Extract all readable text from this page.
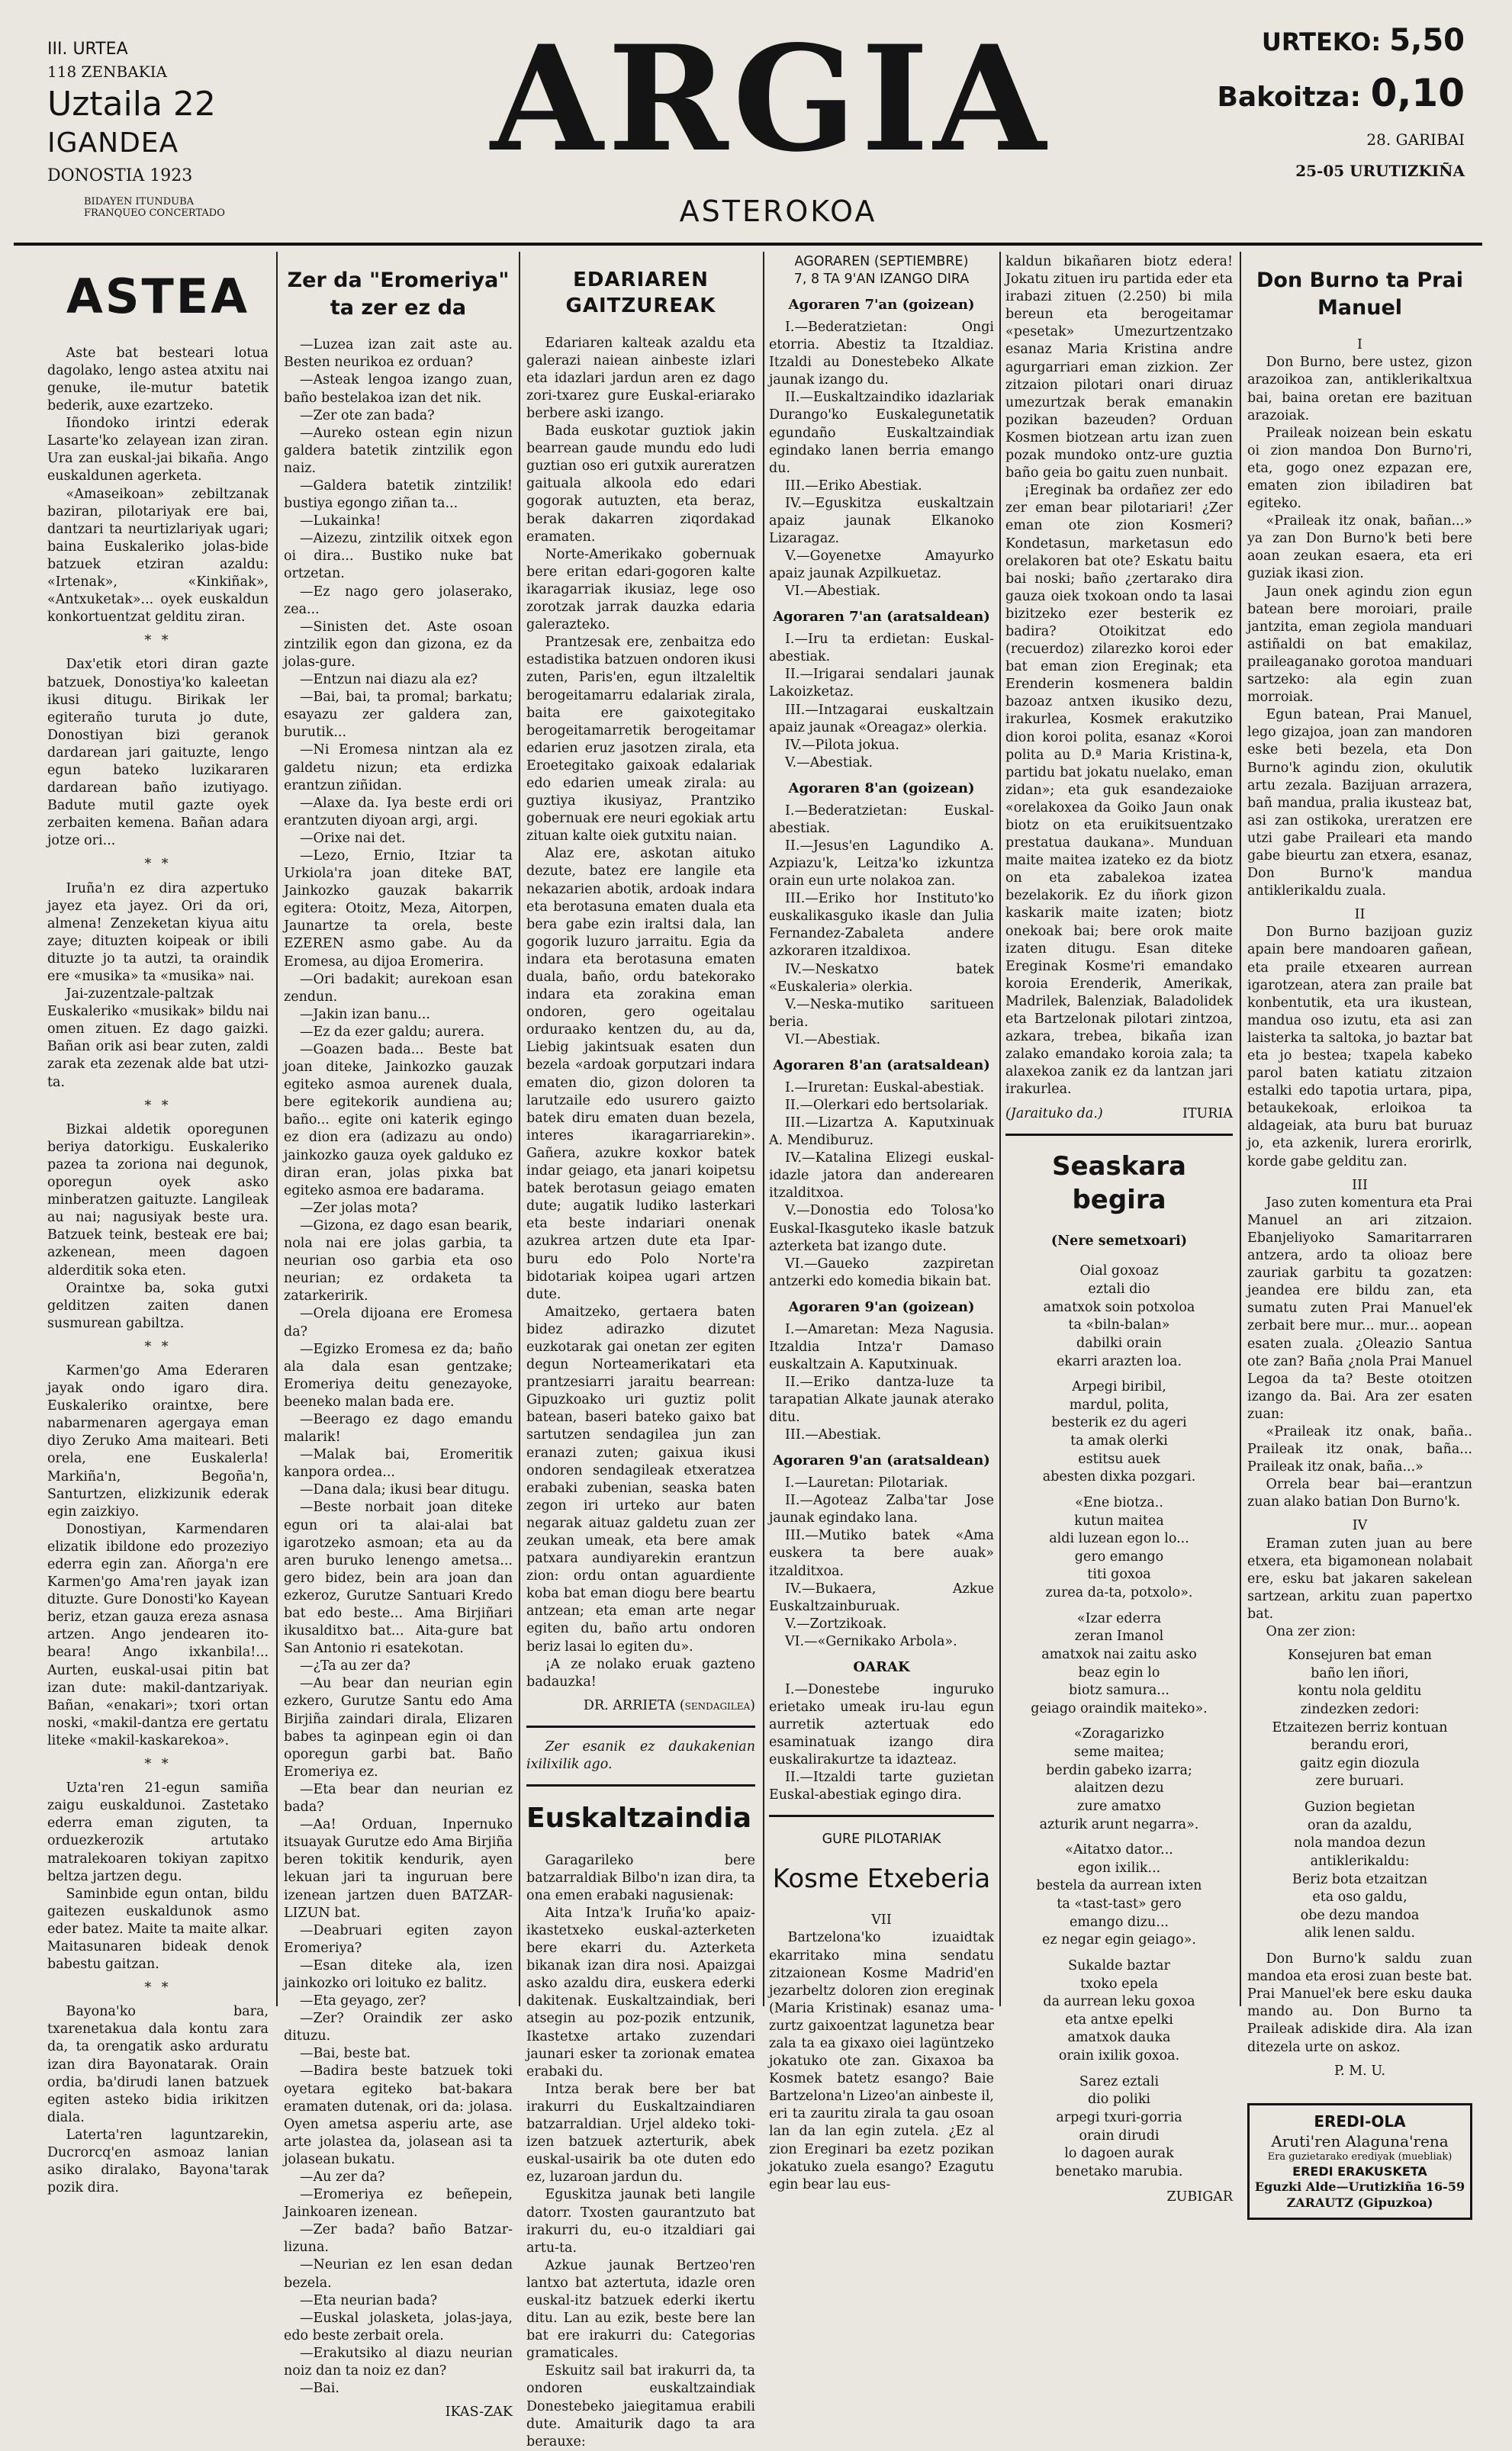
III. URTEA
118 ZENBAKIA
Uztaila 22
IGANDEA
DONOSTIA 1923
BIDAYEN ITUNDUBA
FRANQUEO CONCERTADO
ARGIA
ASTEROKOA
URTEKO: 5,50
Bakoitza: 0,10
28. GARIBAI
25-05 URUTIZKIÑA
ASTEA

Aste bat besteari lotua dagolako, lengo astea atxitu nai genuke, ile-mutur batetik bederik, auxe ezartzeko.

Iñondoko irintzi ederak Lasarte'ko zelayean izan ziran. Ura zan euskal-jai bikaña. Ango euskaldunen agerketa.

«Amaseikoan» zebiltzanak baziran, pilotariyak ere bai, dantzari ta neurtizlariyak ugari; baina Euskaleriko jolas-bide batzuek etziran azaldu: «Irtenak», «Kinkiñak», «Antxuketak»... oyek euskaldun konkortuentzat gelditu ziran.

* *

Dax'etik etori diran gazte batzuek, Donostiya'ko kaleetan ikusi ditugu. Birikak ler egiteraño turuta jo dute, Donostiyan bizi geranok dardarean jari gaituzte, lengo egun bateko luzikararen dardarean baño izutiyago. Badute mutil gazte oyek zerbaiten kemena. Bañan adara jotze ori...

* *

Iruña'n ez dira azpertuko jayez eta jayez. Ori da ori, almena! Zenzeketan kiyua aitu zaye; dituzten koipeak or ibili dituzte jo ta autzi, ta oraindik ere «musika» ta «musika» nai.

Jai-zuzentzale-paltzak Euskaleriko «musikak» bildu nai omen zituen. Ez dago gaizki. Bañan orik asi bear zuten, zaldi zarak eta zezenak alde bat utzi-ta.

* *

Bizkai aldetik oporegunen beriya datorkigu. Euskaleriko pazea ta zoriona nai degunok, oporegun oyek asko minberatzen gaituzte. Langileak au nai; nagusiyak beste ura. Batzuek teink, besteak ere bai; azkenean, meen dagoen alderditik soka eten.

Oraintxe ba, soka gutxi gelditzen zaiten danen susmurean gabiltza.

* *

Karmen'go Ama Ederaren jayak ondo igaro dira. Euskaleriko oraintxe, bere nabarmenaren agergaya eman diyo Zeruko Ama maiteari. Beti orela, ene Euskalerla! Markiña'n, Begoña'n, Santurtzen, elizkizunik ederak egin zaizkiyo.

Donostiyan, Karmendaren elizatik ibildone edo prozeziyo ederra egin zan. Añorga'n ere Karmen'go Ama'ren jayak izan dituzte. Gure Donosti'ko Kayean beriz, etzan gauza ereza asnasa artzen. Ango jendearen ito-beara! Ango ixkanbila!... Aurten, euskal-usai pitin bat izan dute: makil-dantzariyak. Bañan, «enakari»; txori ortan noski, «makil-dantza ere gertatu liteke «makil-kaskarekoa».

* *

Uzta'ren 21-egun samiña zaigu euskaldunoi. Zastetako ederra eman ziguten, ta orduezkerozik artutako matralekoaren tokiyan zapitxo beltza jartzen degu.

Saminbide egun ontan, bildu gaitezen euskaldunok asmo eder batez. Maite ta maite alkar. Maitasunaren bideak denok babestu gaitzan.

* *

Bayona'ko bara, txarenetakua dala kontu zara da, ta orengatik asko arduratu izan dira Bayonatarak. Orain ordia, ba'dirudi lanen batzuek egiten asteko bidia irikitzen diala.

Laterta'ren laguntzarekin, Ducrorcq'en asmoaz lanian asiko diralako, Bayona'tarak pozik dira.

Zer da "Eromeriya" ta zer ez da
—Luzea izan zait aste au. Besten neurikoa ez orduan?
—Asteak lengoa izango zuan, baño bestelakoa izan det nik.
—Zer ote zan bada?
—Aureko ostean egin nizun galdera batetik zintzilik egon naiz.
—Galdera batetik zintzilik! bustiya egongo ziñan ta...
—Lukainka!
—Aizezu, zintzilik oitxek egon oi dira... Bustiko nuke bat ortzetan.
—Ez nago gero jolaserako, zea...
—Sinisten det. Aste osoan zintzilik egon dan gizona, ez da jolas-gure.
—Entzun nai diazu ala ez?
—Bai, bai, ta promal; barkatu; esayazu zer galdera zan, burutik...
—Ni Eromesa nintzan ala ez galdetu nizun; eta erdizka erantzun ziñidan.
—Alaxe da. Iya beste erdi ori erantzuten diyoan argi, argi.
—Orixe nai det.
—Lezo, Ernio, Itziar ta Urkiola'ra joan diteke BAT, Jainkozko gauzak bakarrik egitera: Otoitz, Meza, Aitorpen, Jaunartze ta orela, beste EZEREN asmo gabe. Au da Eromesa, au dijoa Eromerira.
—Ori badakit; aurekoan esan zendun.
—Jakin izan banu...
—Ez da ezer galdu; aurera.
—Goazen bada... Beste bat joan diteke, Jainkozko gauzak egiteko asmoa aurenek duala, bere egitekorik aundiena au; baño... egite oni katerik egingo ez dion era (adizazu au ondo) jainkozko gauza oyek galduko ez diran eran, jolas pixka bat egiteko asmoa ere badarama.
—Zer jolas mota?
—Gizona, ez dago esan bearik, nola nai ere jolas garbia, ta neurian oso garbia eta oso neurian; ez ordaketa ta zatarkeririk.
—Orela dijoana ere Eromesa da?
—Egizko Eromesa ez da; baño ala dala esan gentzake; Eromeriya deitu genezayoke, beeneko malan bada ere.
—Beerago ez dago emandu malarik!
—Malak bai, Eromeritik kanpora ordea...
—Dana dala; ikusi bear ditugu.
—Beste norbait joan diteke egun ori ta alai-alai bat igarotzeko asmoan; eta au da aren buruko lenengo ametsa... gero bidez, bein ara joan dan ezkeroz, Gurutze Santuari Kredo bat edo beste... Ama Birjiñari ikusalditxo bat... Aita-gure bat San Antonio ri esatekotan.
—¿Ta au zer da?
—Au bear dan neurian egin ezkero, Gurutze Santu edo Ama Birjiña zaindari dirala, Elizaren babes ta aginpean egin oi dan oporegun garbi bat. Baño Eromeriya ez.
—Eta bear dan neurian ez bada?
—Aa! Orduan, Inpernuko itsuayak Gurutze edo Ama Birjiña beren tokitik kendurik, ayen lekuan jari ta inguruan bere izenean jartzen duen BATZAR-LIZUN bat.
—Deabruari egiten zayon Eromeriya?
—Esan diteke ala, izen jainkozko ori loituko ez balitz.
—Eta geyago, zer?
—Zer? Oraindik zer asko dituzu.
—Bai, beste bat.
—Badira beste batzuek toki oyetara egiteko bat-bakara eramaten dutenak, ori da: jolasa. Oyen ametsa asperiu arte, ase arte jolastea da, jolasean asi ta jolasean bukatu.
—Au zer da?
—Eromeriya ez beñepein, Jainkoaren izenean.
—Zer bada? baño Batzar-lizuna.
—Neurian ez len esan dedan bezela.
—Eta neurian bada?
—Euskal jolasketa, jolas-jaya, edo beste zerbait orela.
—Erakutsiko al diazu neurian noiz dan ta noiz ez dan?
—Bai.
IKAS-ZAK
EDARIAREN GAITZUREAK

Edariaren kalteak azaldu eta galerazi naiean ainbeste izlari eta idazlari jardun aren ez dago zori-txarez gure Euskal-eriarako berbere aski izango.

Bada euskotar guztiok jakin bearrean gaude mundu edo ludi guztian oso eri gutxik aureratzen gaituala alkoola edo edari gogorak autuzten, eta beraz, berak dakarren ziqordakad eramaten.

Norte-Amerikako gobernuak bere eritan edari-gogoren kalte ikaragarriak ikusiaz, lege oso zorotzak jarrak dauzka edaria galerazteko.

Prantzesak ere, zenbaitza edo estadistika batzuen ondoren ikusi zuten, Paris'en, egun iltzaleltik berogeitamarru edalariak zirala, baita ere gaixotegitako berogeitamarretik berogeitamar edarien eruz jasotzen zirala, eta Eroetegitako gaixoak edalariak edo edarien umeak zirala: au guztiya ikusiyaz, Prantziko gobernuak ere neuri egokiak artu zituan kalte oiek gutxitu naian.

Alaz ere, askotan aituko dezute, batez ere langile eta nekazarien abotik, ardoak indara eta berotasuna ematen duala eta bera gabe ezin iraltsi dala, lan gogorik luzuro jarraitu. Egia da indara eta berotasuna ematen duala, baño, ordu batekorako indara eta zorakina eman ondoren, gero ogeitalau orduraako kentzen du, au da, Liebig jakintsuak esaten dun bezela «ardoak gorputzari indara ematen dio, gizon doloren ta larutzaile edo usurero gaizto batek diru ematen duan bezela, interes ikaragarriarekin». Gañera, azukre koxkor batek indar geiago, eta janari koipetsu batek berotasun geiago ematen dute; augatik ludiko lasterkari eta beste indariari onenak azukrea artzen dute eta Ipar-buru edo Polo Norte'ra bidotariak koipea ugari artzen dute.

Amaitzeko, gertaera baten bidez adirazko dizutet euzkotarak gai onetan zer egiten degun Norteamerikatari eta prantzesiarri jaraitu bearrean: Gipuzkoako uri guztiz polit batean, baseri bateko gaixo bat sartutzen sendagilea jun zan eranazi zuten; gaixua ikusi ondoren sendagileak etxeratzea erabaki zubenian, seaska baten zegon iri urteko aur baten negarak aituaz galdetu zuan zer zeukan umeak, eta bere amak patxara aundiyarekin erantzun zion: ordu ontan aguardiente koba bat eman diogu bere beartu antzean; eta eman arte negar egiten du, baño artu ondoren beriz lasai lo egiten du».

¡A ze nolako eruak gazteno badauzka!

DR. ARRIETA (sendagilea)

Zer esanik ez daukakenian ixilixilik ago.

Euskaltzaindia

Garagarileko bere batzarraldiak Bilbo'n izan dira, ta ona emen erabaki nagusienak:

Aita Intza'k Iruña'ko apaiz-ikastetxeko euskal-azterketen bere ekarri du. Azterketa bikanak izan dira nosi. Apaizgai asko azaldu dira, euskera ederki dakitenak. Euskaltzaindiak, beri atsegin au poz-pozik entzunik, Ikastetxe artako zuzendari jaunari esker ta zorionak ematea erabaki du.

Intza berak bere ber bat irakurri du Euskaltzaindiaren batzarraldian. Urjel aldeko toki-izen batzuek azterturik, abek euskal-usairik ba ote duten edo ez, luzaroan jardun du.

Eguskitza jaunak beti langile datorr. Txosten gaurantzuto bat irakurri du, eu-o itzaldiari gai artu-ta.

Azkue jaunak Bertzeo'ren lantxo bat aztertuta, idazle oren euskal-itz batzuek ederki ikertu ditu. Lan au ezik, beste bere lan bat ere irakurri du: Categorias gramaticales.

Eskuitz sail bat irakurri da, ta ondoren euskaltzaindiak Donestebeko jaiegitamua erabili dute. Amaiturik dago ta ara berauxe:

AGORAREN (SEPTIEMBRE)
7, 8 TA 9'AN IZANGO DIRA
Agoraren 7'an (goizean)
I.—Bederatzietan: Ongi etorria. Abestiz ta Itzaldiaz. Itzaldi au Donestebeko Alkate jaunak izango du.
II.—Euskaltzaindiko idazlariak Durango'ko Euskalegunetatik egundaño Euskaltzaindiak egindako lanen berria emango du.
III.—Eriko Abestiak.
IV.—Eguskitza euskaltzain apaiz jaunak Elkanoko Lizaragaz.
V.—Goyenetxe Amayurko apaiz jaunak Azpilkuetaz.
VI.—Abestiak.
Agoraren 7'an (aratsaldean)
I.—Iru ta erdietan: Euskal-abestiak.
II.—Irigarai sendalari jaunak Lakoizketaz.
III.—Intzagarai euskaltzain apaiz jaunak «Oreagaz» olerkia.
IV.—Pilota jokua.
V.—Abestiak.
Agoraren 8'an (goizean)
I.—Bederatzietan: Euskal-abestiak.
II.—Jesus'en Lagundiko A. Azpiazu'k, Leitza'ko izkuntza orain eun urte nolakoa zan.
III.—Eriko hor Instituto'ko euskalikasguko ikasle dan Julia Fernandez-Zabaleta andere azkoraren itzaldixoa.
IV.—Neskatxo batek «Euskaleria» olerkia.
V.—Neska-mutiko saritueen beria.
VI.—Abestiak.
Agoraren 8'an (aratsaldean)
I.—Iruretan: Euskal-abestiak.
II.—Olerkari edo bertsolariak.
III.—Lizartza A. Kaputxinuak A. Mendiburuz.
IV.—Katalina Elizegi euskal-idazle jatora dan anderearen itzalditxoa.
V.—Donostia edo Tolosa'ko Euskal-Ikasguteko ikasle batzuk azterketa bat izango dute.
VI.—Gaueko zazpiretan antzerki edo komedia bikain bat.
Agoraren 9'an (goizean)
I.—Amaretan: Meza Nagusia. Itzaldia Intza'r Damaso euskaltzain A. Kaputxinuak.
II.—Eriko dantza-luze ta tarapatian Alkate jaunak aterako ditu.
III.—Abestiak.
Agoraren 9'an (aratsaldean)
I.—Lauretan: Pilotariak.
II.—Agoteaz Zalba'tar Jose jaunak egindako lana.
III.—Mutiko batek «Ama euskera ta bere auak» itzalditxoa.
IV.—Bukaera, Azkue Euskaltzainburuak.
V.—Zortzikoak.
VI.—«Gernikako Arbola».
OARAK
I.—Donestebe inguruko erietako umeak iru-lau egun aurretik aztertuak edo esaminatuak izango dira euskalirakurtze ta idazteaz.
II.—Itzaldi tarte guzietan Euskal-abestiak egingo dira.
GURE PILOTARIAK
Kosme Etxeberia
VII

Bartzelona'ko izuaidtak ekarritako mina sendatu zitzaionean Kosme Madrid'en jezarbeltz doloren zion ereginak (Maria Kristinak) esanaz uma-zurtz gaixoentzat lagunetza bear zala ta ea gixaxo oiei lagüntzeko jokatuko ote zan. Gixaxoa ba Kosmek batetz esango? Baie Bartzelona'n Lizeo'an ainbeste il, eri ta zauritu zirala ta gau osoan lan da lan egin zutela. ¿Ez al zion Ereginari ba ezetz pozikan jokatuko zuela esango? Ezagutu egin bear lau eus-

kaldun bikañaren biotz edera! Jokatu zituen iru partida eder eta irabazi zituen (2.250) bi mila bereun eta berogeitamar «pesetak» Umezurtzentzako esanaz Maria Kristina andre agurgarriari eman zizkion. Zer zitzaion pilotari onari diruaz umezurtzak berak emanakin pozikan bazeuden? Orduan Kosmen biotzean artu izan zuen pozak mundoko ontz-ure guztia baño geia bo gaitu zuen nunbait.

¡Ereginak ba ordañez zer edo zer eman bear pilotariari! ¿Zer eman ote zion Kosmeri? Kondetasun, marketasun edo orelakoren bat ote? Eskatu baitu bai noski; baño ¿zertarako dira gauza oiek txokoan ondo ta lasai bizitzeko ezer besterik ez badira? Otoikitzat edo (recuerdoz) zilarezko koroi eder bat eman zion Ereginak; eta Erenderin kosmenera baldin bazoaz antxen ikusiko dezu, irakurlea, Kosmek erakutziko dion koroi polita, esanaz «Koroi polita au D.ª Maria Kristina-k, partidu bat jokatu nuelako, eman zidan»; eta guk esandezaioke «orelakoxea da Goiko Jaun onak biotz on eta eruikitsuentzako prestatua daukana». Munduan maite maitea izateko ez da biotz on eta zabalekoa izatea bezelakorik. Ez du iñork gizon kaskarik maite izaten; biotz onekoak bai; bere orok maite izaten ditugu. Esan diteke Ereginak Kosme'ri emandako koroia Erenderik, Amerikak, Madrilek, Balenziak, Baladolidek eta Bartzelonak pilotari zintzoa, azkara, trebea, bikaña izan zalako emandako koroia zala; ta alaxekoa zanik ez da lantzan jari irakurlea.

(Jaraituko da.)	ITURIA
Seaskara begira
(Nere semetxoari)
Oial goxoaz
eztali dio
amatxok soin potxoloa
ta «biln-balan»
dabilki orain
ekarri arazten loa.
Arpegi biribil,
mardul, polita,
besterik ez du ageri
ta amak olerki
estitsu auek
abesten dixka pozgari.
«Ene biotza..
kutun maitea
aldi luzean egon lo...
gero emango
titi goxoa
zurea da-ta, potxolo».
«Izar ederra
zeran Imanol
amatxok nai zaitu asko
beaz egin lo
biotz samura...
geiago oraindik maiteko».
«Zoragarizko
seme maitea;
berdin gabeko izarra;
alaitzen dezu
zure amatxo
azturik arunt negarra».
«Aitatxo dator...
egon ixilik...
bestela da aurrean ixten
ta «tast-tast» gero
emango dizu...
ez negar egin geiago».
Sukalde baztar
txoko epela
da aurrean leku goxoa
eta antxe epelki
amatxok dauka
orain ixilik goxoa.
Sarez eztali
dio poliki
arpegi txuri-gorria
orain dirudi
lo dagoen aurak
benetako marubia.
ZUBIGAR
Don Burno ta Prai Manuel
I

Don Burno, bere ustez, gizon arazoikoa zan, antiklerikaltxua bai, baina oretan ere bazituan arazoiak.

Praileak noizean bein eskatu oi zion mandoa Don Burno'ri, eta, gogo onez ezpazan ere, ematen zion ibiladiren bat egiteko.

«Praileak itz onak, bañan...» ya zan Don Burno'k beti bere aoan zeukan esaera, eta eri guziak ikasi zion.

Jaun onek agindu zion egun batean bere moroiari, praile jantzita, eman zegiola manduari astiñaldi on bat emakilaz, praileaganako gorotoa manduari sartzeko: ala egin zuan morroiak.

Egun batean, Prai Manuel, lego gizajoa, joan zan mandoren eske beti bezela, eta Don Burno'k agindu zion, okulutik artu zezala. Bazijuan arrazera, bañ mandua, pralia ikusteaz bat, asi zan ostikoka, ureratzen ere utzi gabe Praileari eta mando gabe bieurtu zan etxera, esanaz, Don Burno'k mandua antiklerikaldu zuala.

II

Don Burno bazijoan guziz apain bere mandoaren gañean, eta praile etxearen aurrean igarotzean, atera zan praile bat konbentutik, eta ura ikustean, mandua oso izutu, eta asi zan laisterka ta saltoka, jo baztar bat eta jo bestea; txapela kabeko parol baten katiatu zitzaion estalki edo tapotia urtara, pipa, betaukekoak, erloikoa ta aldageiak, ata buru bat buruaz jo, eta azkenik, lurera erorirlk, korde gabe gelditu zan.

III

Jaso zuten komentura eta Prai Manuel an ari zitzaion. Ebanjeliyoko Samaritarraren antzera, ardo ta olioaz bere zauriak garbitu ta gozatzen: jeandea ere bildu zan, eta sumatu zuten Prai Manuel'ek zerbait bere mur... mur... aopean esaten zuala. ¿Oleazio Santua ote zan? Baña ¿nola Prai Manuel Legoa da ta? Beste otoitzen izango da. Bai. Ara zer esaten zuan:

«Praileak itz onak, baña.. Praileak itz onak, baña... Praileak itz onak, baña...»

Orrela bear bai—erantzun zuan alako batian Don Burno'k.

IV

Eraman zuten juan au bere etxera, eta bigamonean nolabait ere, esku bat jakaren sakelean sartzean, arkitu zuan papertxo bat.

Ona zer zion:

Konsejuren bat eman
baño len iñori,
kontu nola gelditu
zindezken zedori:
Etzaitezen berriz kontuan
berandu erori,
gaitz egin diozula
zere buruari.
Guzion begietan
oran da azaldu,
nola mandoa dezun
antiklerikaldu:
Beriz bota etzaitzan
eta oso galdu,
obe dezu mandoa
alik lenen saldu.

Don Burno'k saldu zuan mandoa eta erosi zuan beste bat. Prai Manuel'ek bere esku dauka mando au. Don Burno ta Praileak adiskide dira. Ala izan ditezela urte on askoz.

P. M. U.
EREDI-OLA
Aruti'ren Alaguna'rena
Era guzietarako erediyak (muebliak)
EREDI ERAKUSKETA
Eguzki Alde—Urutizkiña 16-59
ZARAUTZ (Gipuzkoa)
